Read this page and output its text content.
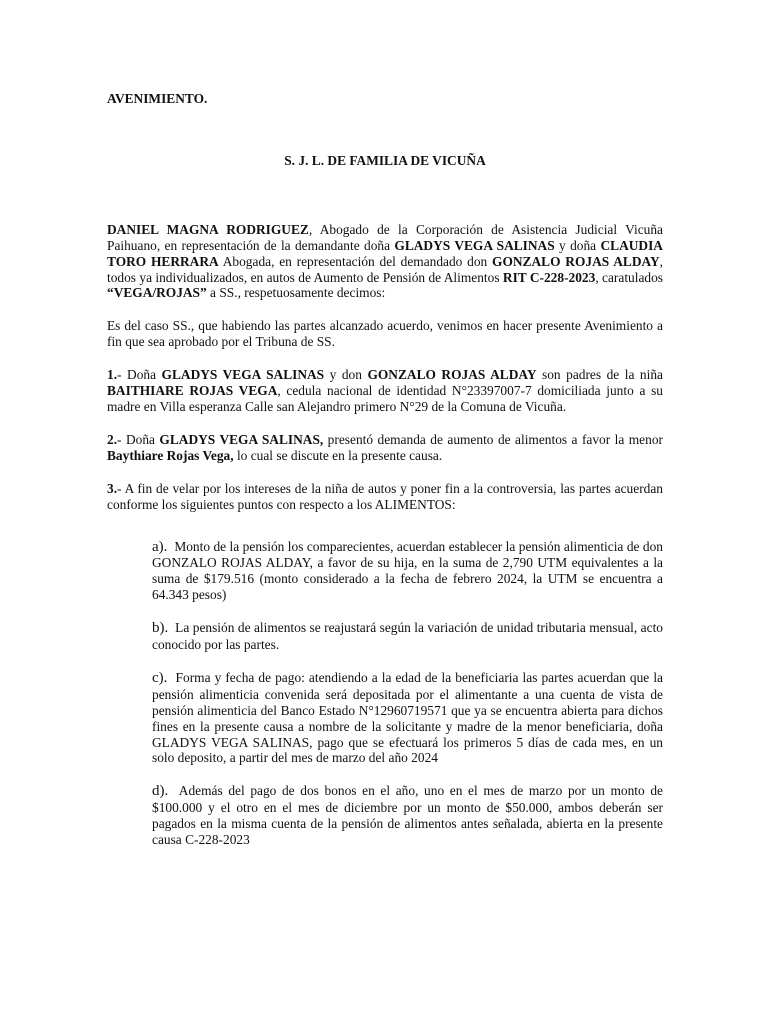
AVENIMIENTO.

S. J. L. DE FAMILIA DE VICUÑA

DANIEL MAGNA RODRIGUEZ, Abogado de la Corporación de Asistencia Judicial Vicuña Paihuano, en representación de la demandante doña GLADYS VEGA SALINAS y doña CLAUDIA TORO HERRARA Abogada, en representación del demandado don GONZALO ROJAS ALDAY, todos ya individualizados, en autos de Aumento de Pensión de Alimentos RIT C-228-2023, caratulados “VEGA/ROJAS” a SS., respetuosamente decimos:

Es del caso SS., que habiendo las partes alcanzado acuerdo, venimos en hacer presente Avenimiento a fin que sea aprobado por el Tribuna de SS.

1.- Doña GLADYS VEGA SALINAS y don GONZALO ROJAS ALDAY son padres de la niña BAITHIARE ROJAS VEGA, cedula nacional de identidad N°23397007-7 domiciliada junto a su madre en Villa esperanza Calle san Alejandro primero N°29 de la Comuna de Vicuña.

2.- Doña GLADYS VEGA SALINAS, presentó demanda de aumento de alimentos a favor la menor Baythiare Rojas Vega, lo cual se discute en la presente causa.

3.- A fin de velar por los intereses de la niña de autos y poner fin a la controversia, las partes acuerdan conforme los siguientes puntos con respecto a los ALIMENTOS:

a). Monto de la pensión los comparecientes, acuerdan establecer la pensión alimenticia de don GONZALO ROJAS ALDAY, a favor de su hija, en la suma de 2,790 UTM equivalentes a la suma de $179.516 (monto considerado a la fecha de febrero 2024, la UTM se encuentra a 64.343 pesos)

b). La pensión de alimentos se reajustará según la variación de unidad tributaria mensual, acto conocido por las partes.

c). Forma y fecha de pago: atendiendo a la edad de la beneficiaria las partes acuerdan que la pensión alimenticia convenida será depositada por el alimentante a una cuenta de vista de pensión alimenticia del Banco Estado N°12960719571 que ya se encuentra abierta para dichos fines en la presente causa a nombre de la solicitante y madre de la menor beneficiaria, doña GLADYS VEGA SALINAS, pago que se efectuará los primeros 5 días de cada mes, en un solo deposito, a partir del mes de marzo del año 2024

d). Además del pago de dos bonos en el año, uno en el mes de marzo por un monto de $100.000 y el otro en el mes de diciembre por un monto de $50.000, ambos deberán ser pagados en la misma cuenta de la pensión de alimentos antes señalada, abierta en la presente causa C-228-2023
